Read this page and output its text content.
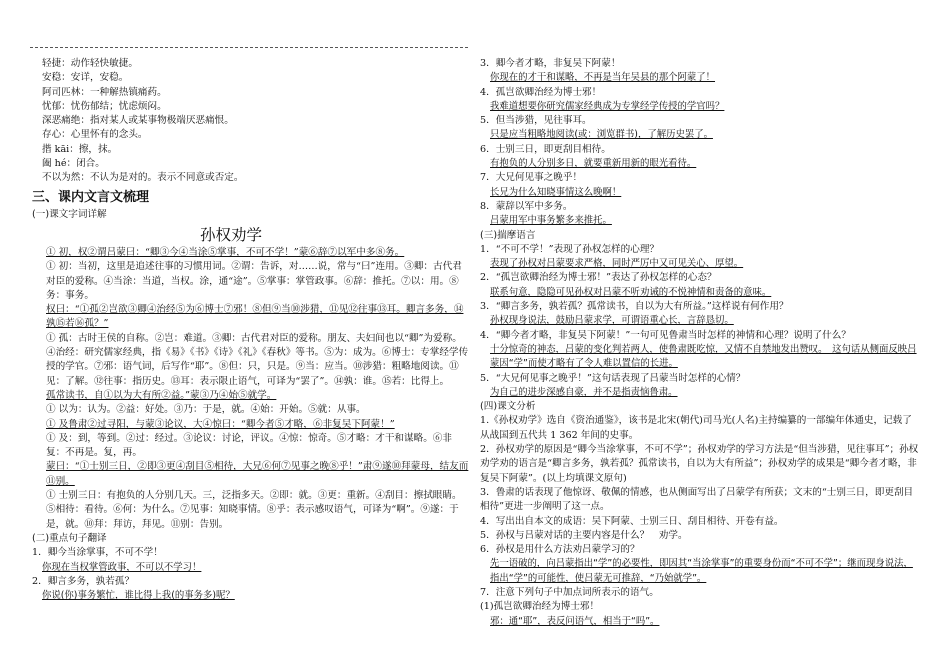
轻捷：动作轻快敏捷。

安稳：安详，安稳。

阿司匹林：一种解热镇痛药。

忧郁：忧伤郁结；忧虑烦闷。

深恶痛绝：指对某人或某事物极端厌恶痛恨。

存心：心里怀有的念头。

揩 kāi：擦，抹。

阖 hé：闭合。

不以为然：不认为是对的。表示不同意或否定。

三、课内文言文梳理

(一)课文字词详解

孙权劝学

① 初，权②谓吕蒙曰：“卿③今④当涂⑤掌事，不可不学！”蒙⑥辞⑦以军中多⑧务。

① 初：当初，这里是追述往事的习惯用词。②谓：告诉，对……说，常与“曰”连用。③卿：古代君对臣的爱称。④当涂：当道，当权。涂，通“途”。⑤掌事：掌管政事。⑥辞：推托。⑦以：用。⑧务：事务。

权曰：“①孤②岂欲③卿④治经⑤为⑥博士⑦邪！⑧但⑨当⑩涉猎，⑪见⑫往事⑬耳。卿言多务，⑭孰⑮若⑯孤？”

① 孤：古时王侯的自称。②岂：难道。③卿：古代君对臣的爱称。朋友、夫妇间也以“卿”为爱称。④治经：研究儒家经典，指《易》《书》《诗》《礼》《春秋》等书。⑤为：成为。⑥博士：专掌经学传授的学官。⑦邪：语气词，后写作“耶”。⑧但：只，只是。⑨当：应当。⑩涉猎：粗略地阅读。⑪见：了解。⑫往事：指历史。⑬耳：表示限止语气，可译为“罢了”。⑭孰：谁。⑮若：比得上。

孤常读书，自①以为大有所②益。”蒙③乃④始⑤就学。

① 以为：认为。②益：好处。③乃：于是，就。④始：开始。⑤就：从事。

① 及鲁肃②过寻阳，与蒙③论议，大④惊曰：“卿今者⑤才略，⑥非复吴下阿蒙！”

① 及：到，等到。②过：经过。③论议：讨论，评议。④惊：惊奇。⑤才略：才干和谋略。⑥非复：不再是。复，再。

蒙曰：“①士别三日，②即③更④刮目⑤相待，大兄⑥何⑦见事之晚⑧乎！”肃⑨遂⑩拜蒙母，结友而⑪别。

① 士别三日：有抱负的人分别几天。三，泛指多天。②即：就。③更：重新。④刮目：擦拭眼睛。⑤相待：看待。⑥何：为什么。⑦见事：知晓事情。⑧乎：表示感叹语气，可译为“啊”。⑨遂：于是，就。⑩拜：拜访，拜见。⑪别：告别。

(二)重点句子翻译

1．卿今当涂掌事，不可不学！

你现在当权掌管政事，不可以不学习！

2．卿言多务，孰若孤？

你说(你)事务繁忙，谁比得上我(的事务多)呢？

3．卿今者才略，非复吴下阿蒙！

你现在的才干和谋略，不再是当年吴县的那个阿蒙了！

4．孤岂欲卿治经为博士邪！

我难道想要你研究儒家经典成为专掌经学传授的学官吗？

5．但当涉猎，见往事耳。

只是应当粗略地阅读(或：浏览群书)，了解历史罢了。

6．士别三日，即更刮目相待。

有抱负的人分别多日，就要重新用新的眼光看待。

7．大兄何见事之晚乎！

长兄为什么知晓事情这么晚啊！

8．蒙辞以军中多务。

吕蒙用军中事务繁多来推托。

(三)揣摩语言

1．“不可不学！”表现了孙权怎样的心理？

表现了孙权对吕蒙要求严格，同时严厉中又可见关心、厚望。

2．“孤岂欲卿治经为博士邪！”表达了孙权怎样的心态？

联系句意，隐隐可见孙权对吕蒙不听劝诫的不悦神情和责备的意味。

3．“卿言多务，孰若孤？孤常读书，自以为大有所益。”这样说有何作用？

孙权现身说法，鼓励吕蒙求学，可谓语重心长，言辞恳切。

4．“卿今者才略，非复吴下阿蒙！”一句可见鲁肃当时怎样的神情和心理？说明了什么？

十分惊奇的神态，吕蒙的变化判若两人，使鲁肃既吃惊，又情不自禁地发出赞叹。　这句话从侧面反映吕蒙因“学”而使才略有了令人难以置信的长进。

5．“大兄何见事之晚乎！”这句话表现了吕蒙当时怎样的心情？

为自己的进步深感自豪，并不是指责恼鲁肃。

(四)课文分析

1.《孙权劝学》选自《资治通鉴》，该书是北宋(朝代)司马光(人名)主持编纂的一部编年体通史，记载了从战国到五代共 1 362 年间的史事。

2．孙权劝学的原因是“卿今当涂掌事，不可不学”；孙权劝学的学习方法是“但当涉猎，见往事耳”；孙权劝学劝的语言是“卿言多务，孰若孤？孤常读书，自以为大有所益”；孙权劝学的成果是“卿今者才略，非复吴下阿蒙”。(以上均填课文原句)

3．鲁肃的话表现了他惊讶、敬佩的情感，也从侧面写出了吕蒙学有所获；文末的“士别三日，即更刮目相待”更进一步阐明了这一点。

4．写出出自本文的成语：吴下阿蒙、士别三日、刮目相待、开卷有益。

5．孙权与吕蒙对话的主要内容是什么？　劝学。

6．孙权是用什么方法劝吕蒙学习的？

先一语破的，向吕蒙指出“学”的必要性，即因其“当涂掌事”的重要身份而“不可不学”；继而现身说法，指出“学”的可能性，使吕蒙无可推辞，“乃始就学”。

7．注意下列句子中加点词所表示的语气。

(1)孤岂欲卿治经为博士邪！

邪：通“耶”，表反问语气，相当于“吗”。
